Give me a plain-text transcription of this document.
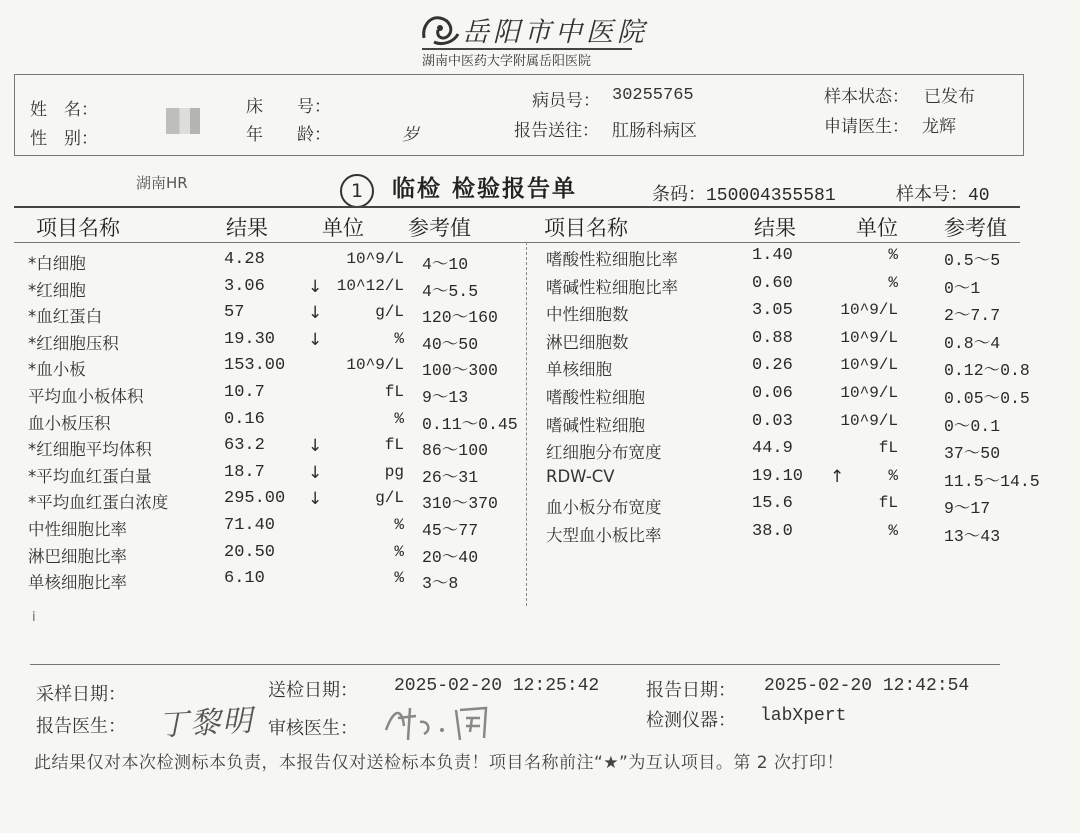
岳阳市中医院
湖南中医药大学附属岳阳医院
姓　名：
性　别：
床　　号：
年　　龄：	岁
病员号： 30255765
报告送往： 肛肠科病区
样本状态： 已发布
申请医生： 龙辉
湖南HR	1	临检 检验报告单	条码：150004355581	样本号：40
项目名称	结果	单位 参考值	项目名称	结果	单位 参考值
*白细胞	4.28	10^9/L 4～10
*红细胞	3.06	↓ 10^12/L 4～5.5
*血红蛋白	57	↓	g/L 120～160
*红细胞压积	19.30 ↓	% 40～50
*血小板	153.00	10^9/L 100～300
平均血小板体积	10.7	fL 9～13
血小板压积	0.16	% 0.11～0.45
*红细胞平均体积	63.2	↓	fL 86～100
*平均血红蛋白量	18.7	↓	pg 26～31
*平均血红蛋白浓度	295.00 ↓	g/L 310～370
中性细胞比率	71.40	% 45～77
淋巴细胞比率	20.50	% 20～40
单核细胞比率	6.10	% 3～8
嗜酸性粒细胞比率	1.40	%	0.5～5
嗜碱性粒细胞比率	0.60	%	0～1
中性细胞数	3.05	10^9/L	2～7.7
淋巴细胞数	0.88	10^9/L	0.8～4
单核细胞	0.26	10^9/L	0.12～0.8
嗜酸性粒细胞	0.06	10^9/L	0.05～0.5
嗜碱性粒细胞	0.03	10^9/L	0～0.1
红细胞分布宽度	44.9	fL	37～50
RDW-CV	19.10 ↑	%	11.5～14.5
血小板分布宽度	15.6	fL	9～17
大型血小板比率	38.0	%	13～43
i
采样日期：	送检日期： 2025-02-20 12:25:42	报告日期： 2025-02-20 12:42:54
报告医生： 丁黎明 审核医生：	检测仪器： labXpert
此结果仅对本次检测标本负责，本报告仅对送检标本负责！项目名称前注“★”为互认项目。第 2 次打印！
